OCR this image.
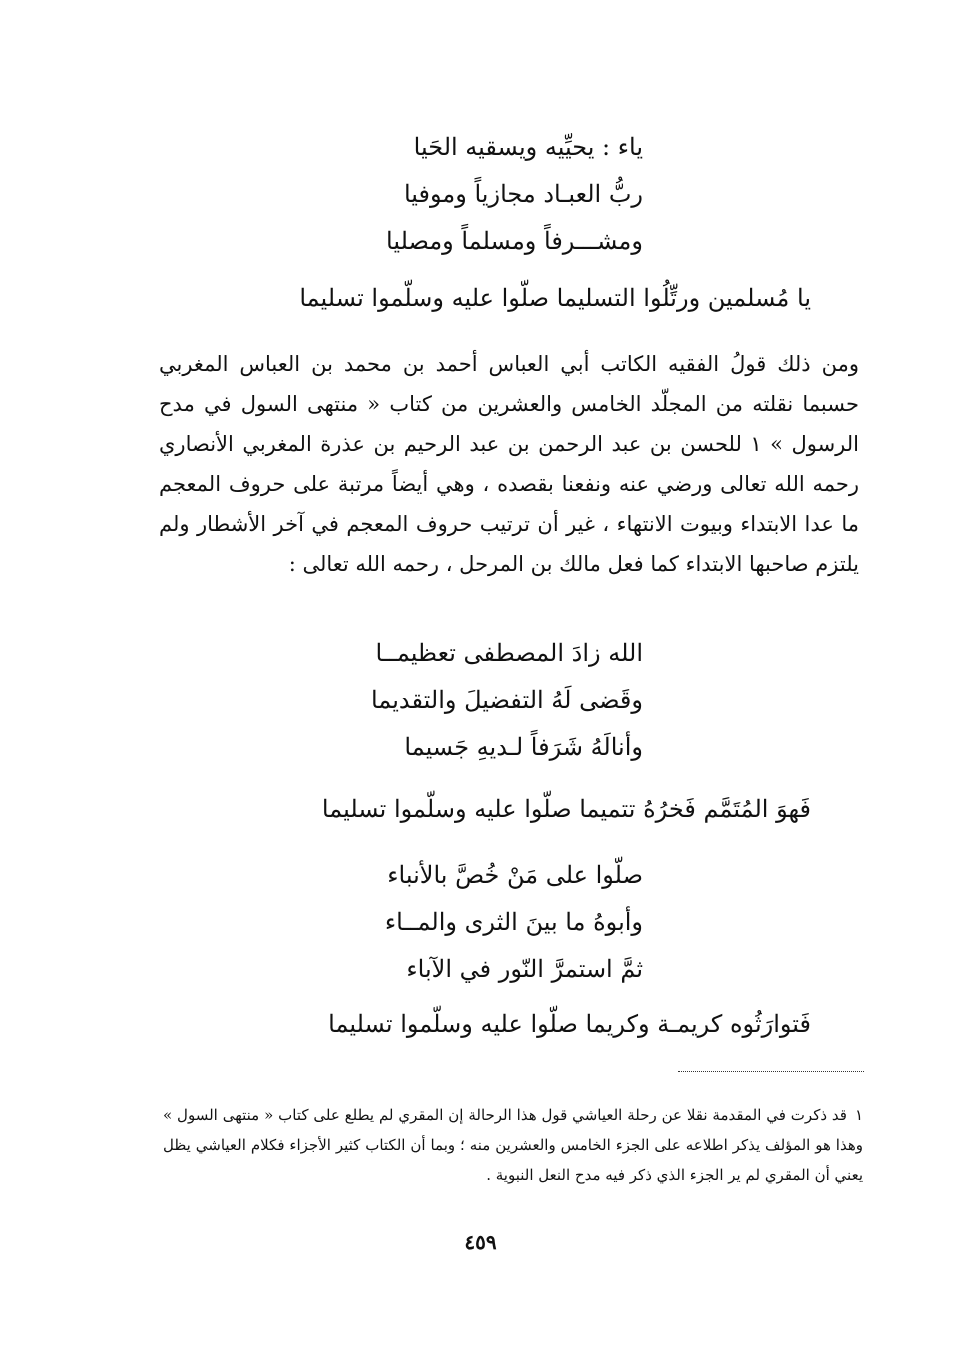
ياء : يحيِّيه ويسقيه الحَيا
ربُّ العبـاد مجازياً وموفيا
ومشـــرفاً ومسلماً ومصليا
يا مُسلمين ورتِّلُوا التسليما صلّوا عليه وسلّموا تسليما

ومن ذلك قولُ الفقيه الكاتب أبي العباس أحمد بن محمد بن العباس المغربي حسبما نقلته من المجلّد الخامس والعشرين من كتاب « منتهى السول في مدح الرسول » ١ للحسن بن عبد الرحمن بن عبد الرحيم بن عذرة المغربي الأنصاري رحمه الله تعالى ورضي عنه ونفعنا بقصده ، وهي أيضاً مرتبة على حروف المعجم ما عدا الابتداء وبيوت الانتهاء ، غير أن ترتيب حروف المعجم في آخر الأشطار ولم يلتزم صاحبها الابتداء كما فعل مالك بن المرحل ، رحمه الله تعالى :

الله زادَ المصطفى تعظيمــا
وقَضى لَهُ التفضيلَ والتقديما
وأنالَهُ شَرَفاً لـديهِ جَسيما
فَهوَ المُتَمَّم فَخرُهُ تتميما صلّوا عليه وسلّموا تسليما
صلّوا على مَنْ خُصَّ بالأنباء
وأبوهُ ما بينَ الثرى والمــاء
ثمَّ استمرَّ النّور في الآباء
فَتوارَثُوه كريمـة وكريما صلّوا عليه وسلّموا تسليما
١قد ذكرت في المقدمة نقلا عن رحلة العياشي قول هذا الرحالة إن المقري لم يطلع على كتاب « منتهى السول » وهذا هو المؤلف يذكر اطلاعه على الجزء الخامس والعشرين منه ؛ وبما أن الكتاب كثير الأجزاء فكلام العياشي يظل يعني أن المقري لم ير الجزء الذي ذكر فيه مدح النعل النبوية .
٤٥٩
